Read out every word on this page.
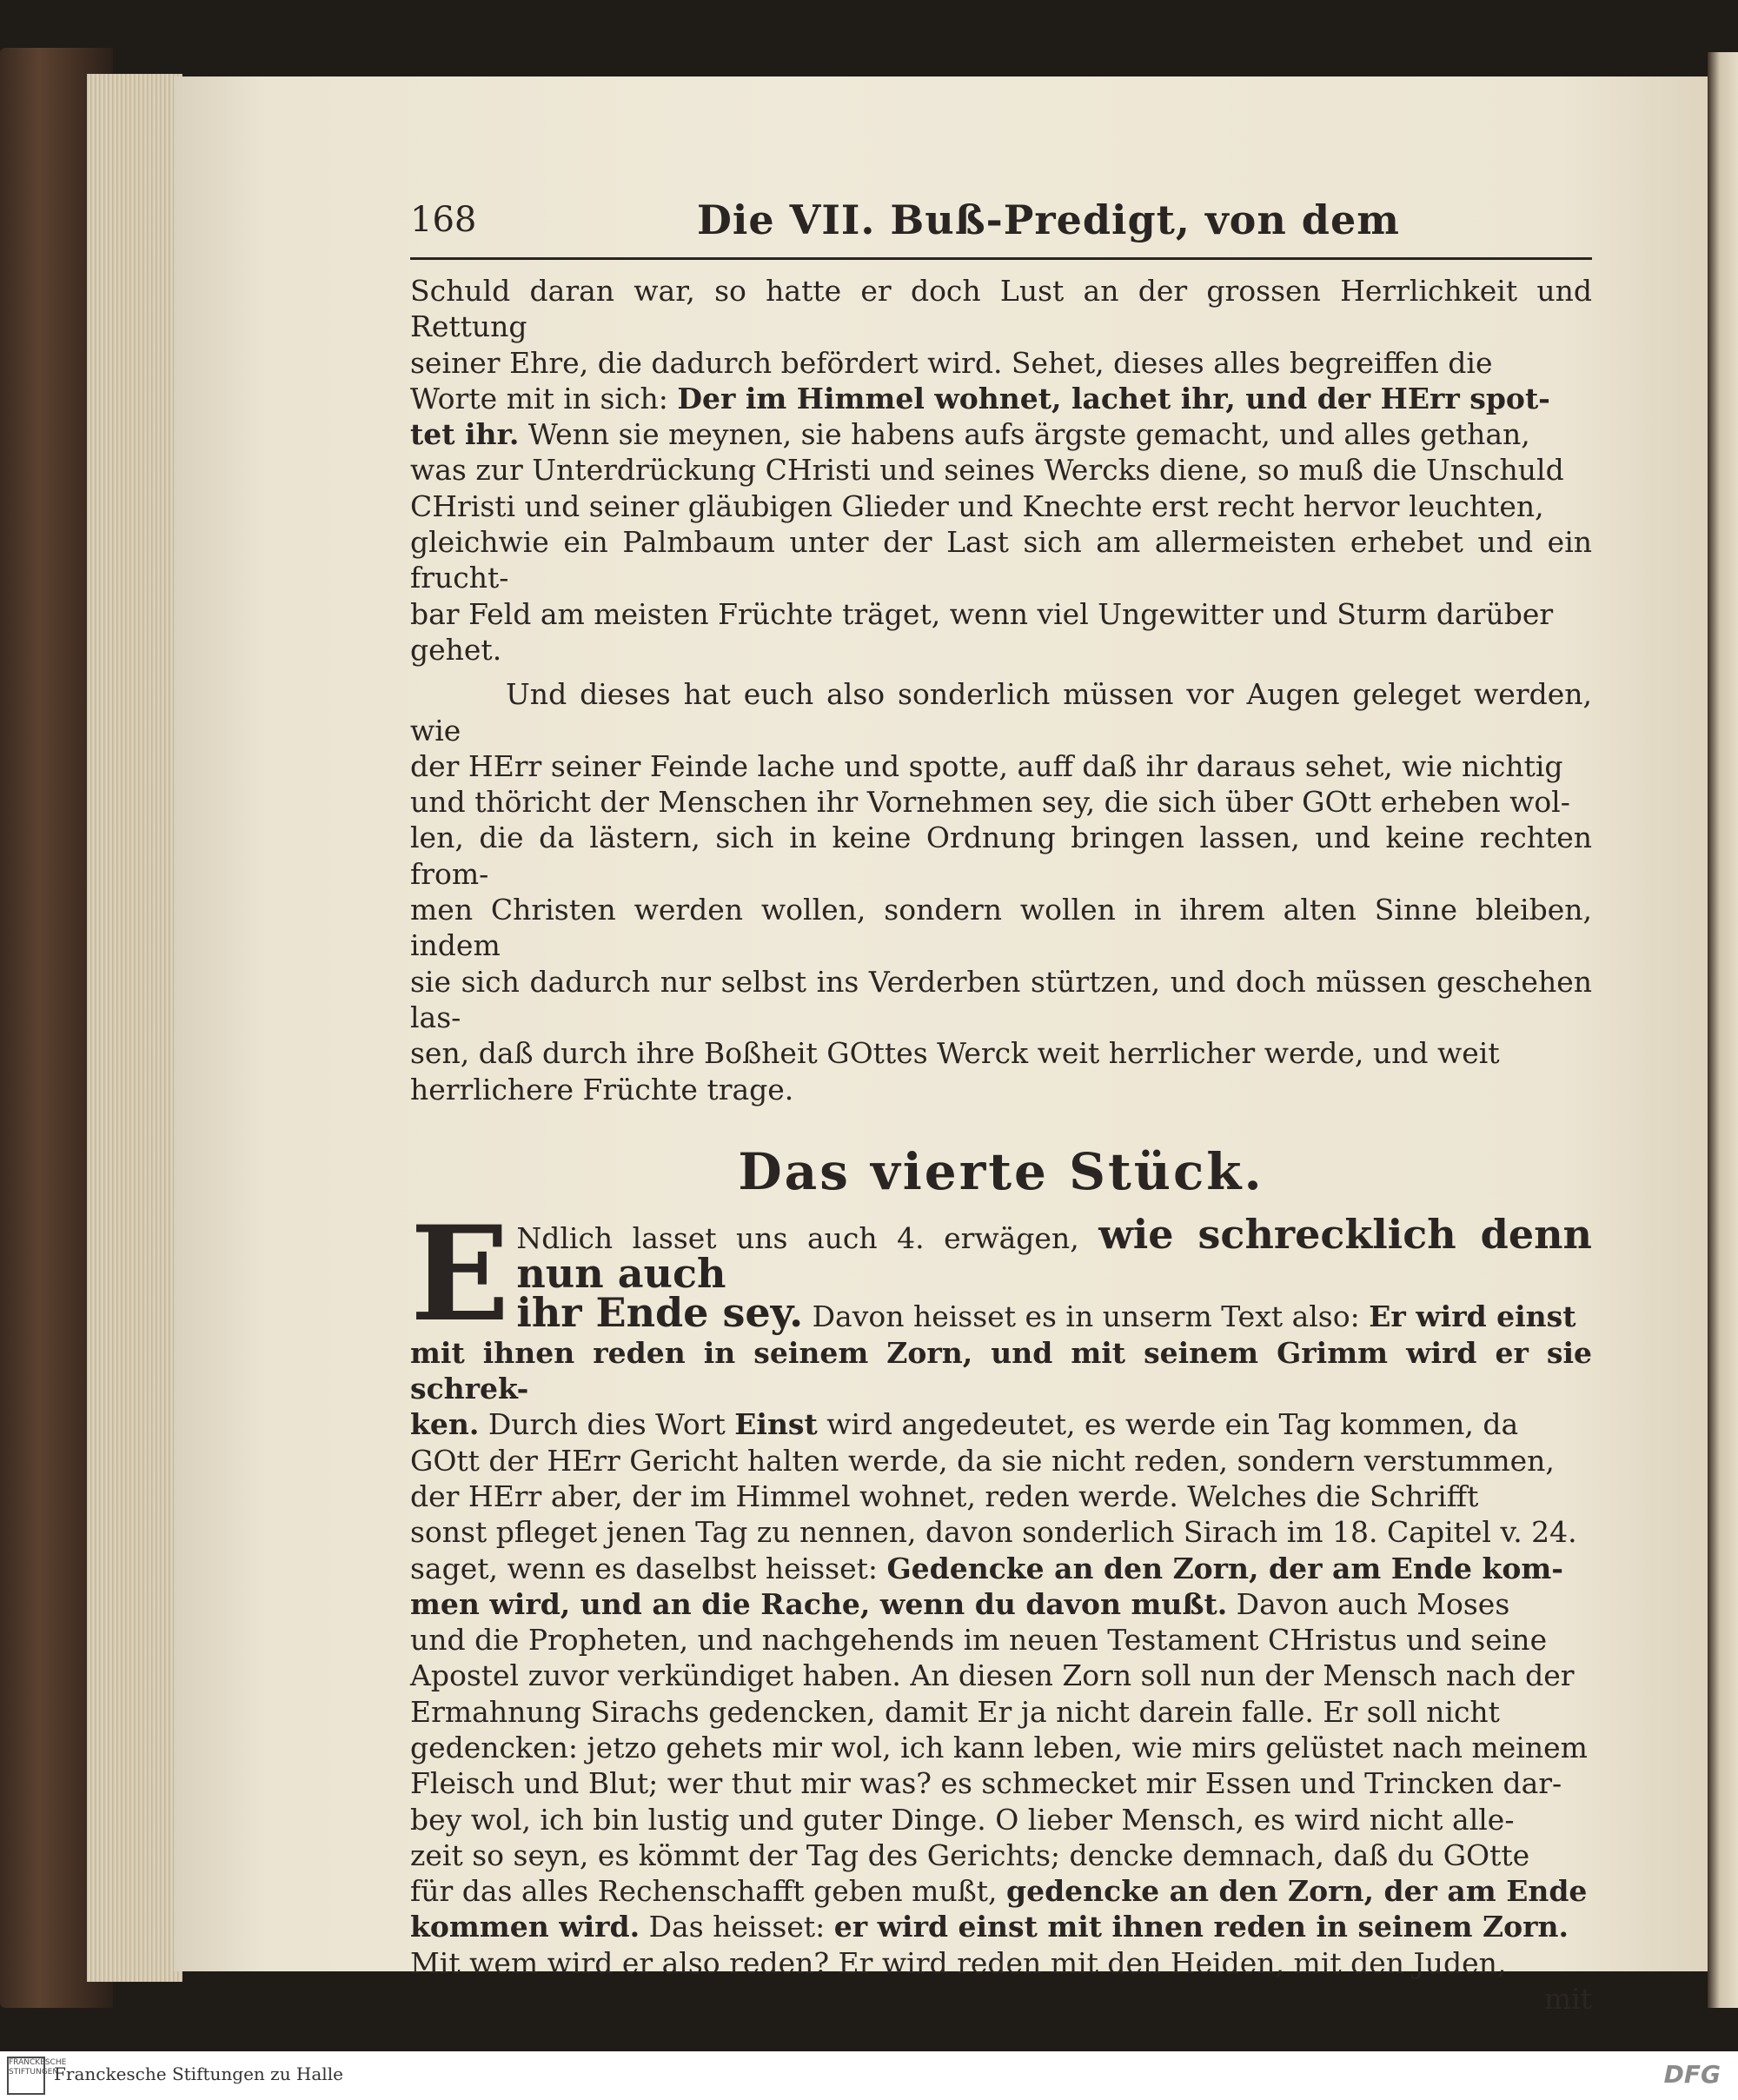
168	Die VII. Buß-Predigt, von dem

Schuld daran war, so hatte er doch Lust an der grossen Herrlichkeit und Rettung
seiner Ehre, die dadurch befördert wird. Sehet, dieses alles begreiffen die
Worte mit in sich: Der im Himmel wohnet, lachet ihr, und der HErr spot-
tet ihr. Wenn sie meynen, sie habens aufs ärgste gemacht, und alles gethan,
was zur Unterdrückung CHristi und seines Wercks diene, so muß die Unschuld
CHristi und seiner gläubigen Glieder und Knechte erst recht hervor leuchten,
gleichwie ein Palmbaum unter der Last sich am allermeisten erhebet und ein frucht-
bar Feld am meisten Früchte träget, wenn viel Ungewitter und Sturm darüber
gehet.

Und dieses hat euch also sonderlich müssen vor Augen geleget werden, wie
der HErr seiner Feinde lache und spotte, auff daß ihr daraus sehet, wie nichtig
und thöricht der Menschen ihr Vornehmen sey, die sich über GOtt erheben wol-
len, die da lästern, sich in keine Ordnung bringen lassen, und keine rechten from-
men Christen werden wollen, sondern wollen in ihrem alten Sinne bleiben, indem
sie sich dadurch nur selbst ins Verderben stürtzen, und doch müssen geschehen las-
sen, daß durch ihre Boßheit GOttes Werck weit herrlicher werde, und weit
herrlichere Früchte trage.

Das vierte Stück.

E Ndlich lasset uns auch 4. erwägen, wie schrecklich denn nun auch
ihr Ende sey. Davon heisset es in unserm Text also: Er wird einst
mit ihnen reden in seinem Zorn, und mit seinem Grimm wird er sie schrek-
ken. Durch dies Wort Einst wird angedeutet, es werde ein Tag kommen, da
GOtt der HErr Gericht halten werde, da sie nicht reden, sondern verstummen,
der HErr aber, der im Himmel wohnet, reden werde. Welches die Schrifft
sonst pfleget jenen Tag zu nennen, davon sonderlich Sirach im 18. Capitel v. 24.
saget, wenn es daselbst heisset: Gedencke an den Zorn, der am Ende kom-
men wird, und an die Rache, wenn du davon mußt. Davon auch Moses
und die Propheten, und nachgehends im neuen Testament CHristus und seine
Apostel zuvor verkündiget haben. An diesen Zorn soll nun der Mensch nach der
Ermahnung Sirachs gedencken, damit Er ja nicht darein falle. Er soll nicht
gedencken: jetzo gehets mir wol, ich kann leben, wie mirs gelüstet nach meinem
Fleisch und Blut; wer thut mir was? es schmecket mir Essen und Trincken dar-
bey wol, ich bin lustig und guter Dinge. O lieber Mensch, es wird nicht alle-
zeit so seyn, es kömmt der Tag des Gerichts; dencke demnach, daß du GOtte
für das alles Rechenschafft geben mußt, gedencke an den Zorn, der am Ende
kommen wird. Das heisset: er wird einst mit ihnen reden in seinem Zorn.
Mit wem wird er also reden? Er wird reden mit den Heiden, mit den Juden,

mit
FRANCKESCHE STIFTUNGEN
Franckesche Stiftungen zu Halle	DFG
